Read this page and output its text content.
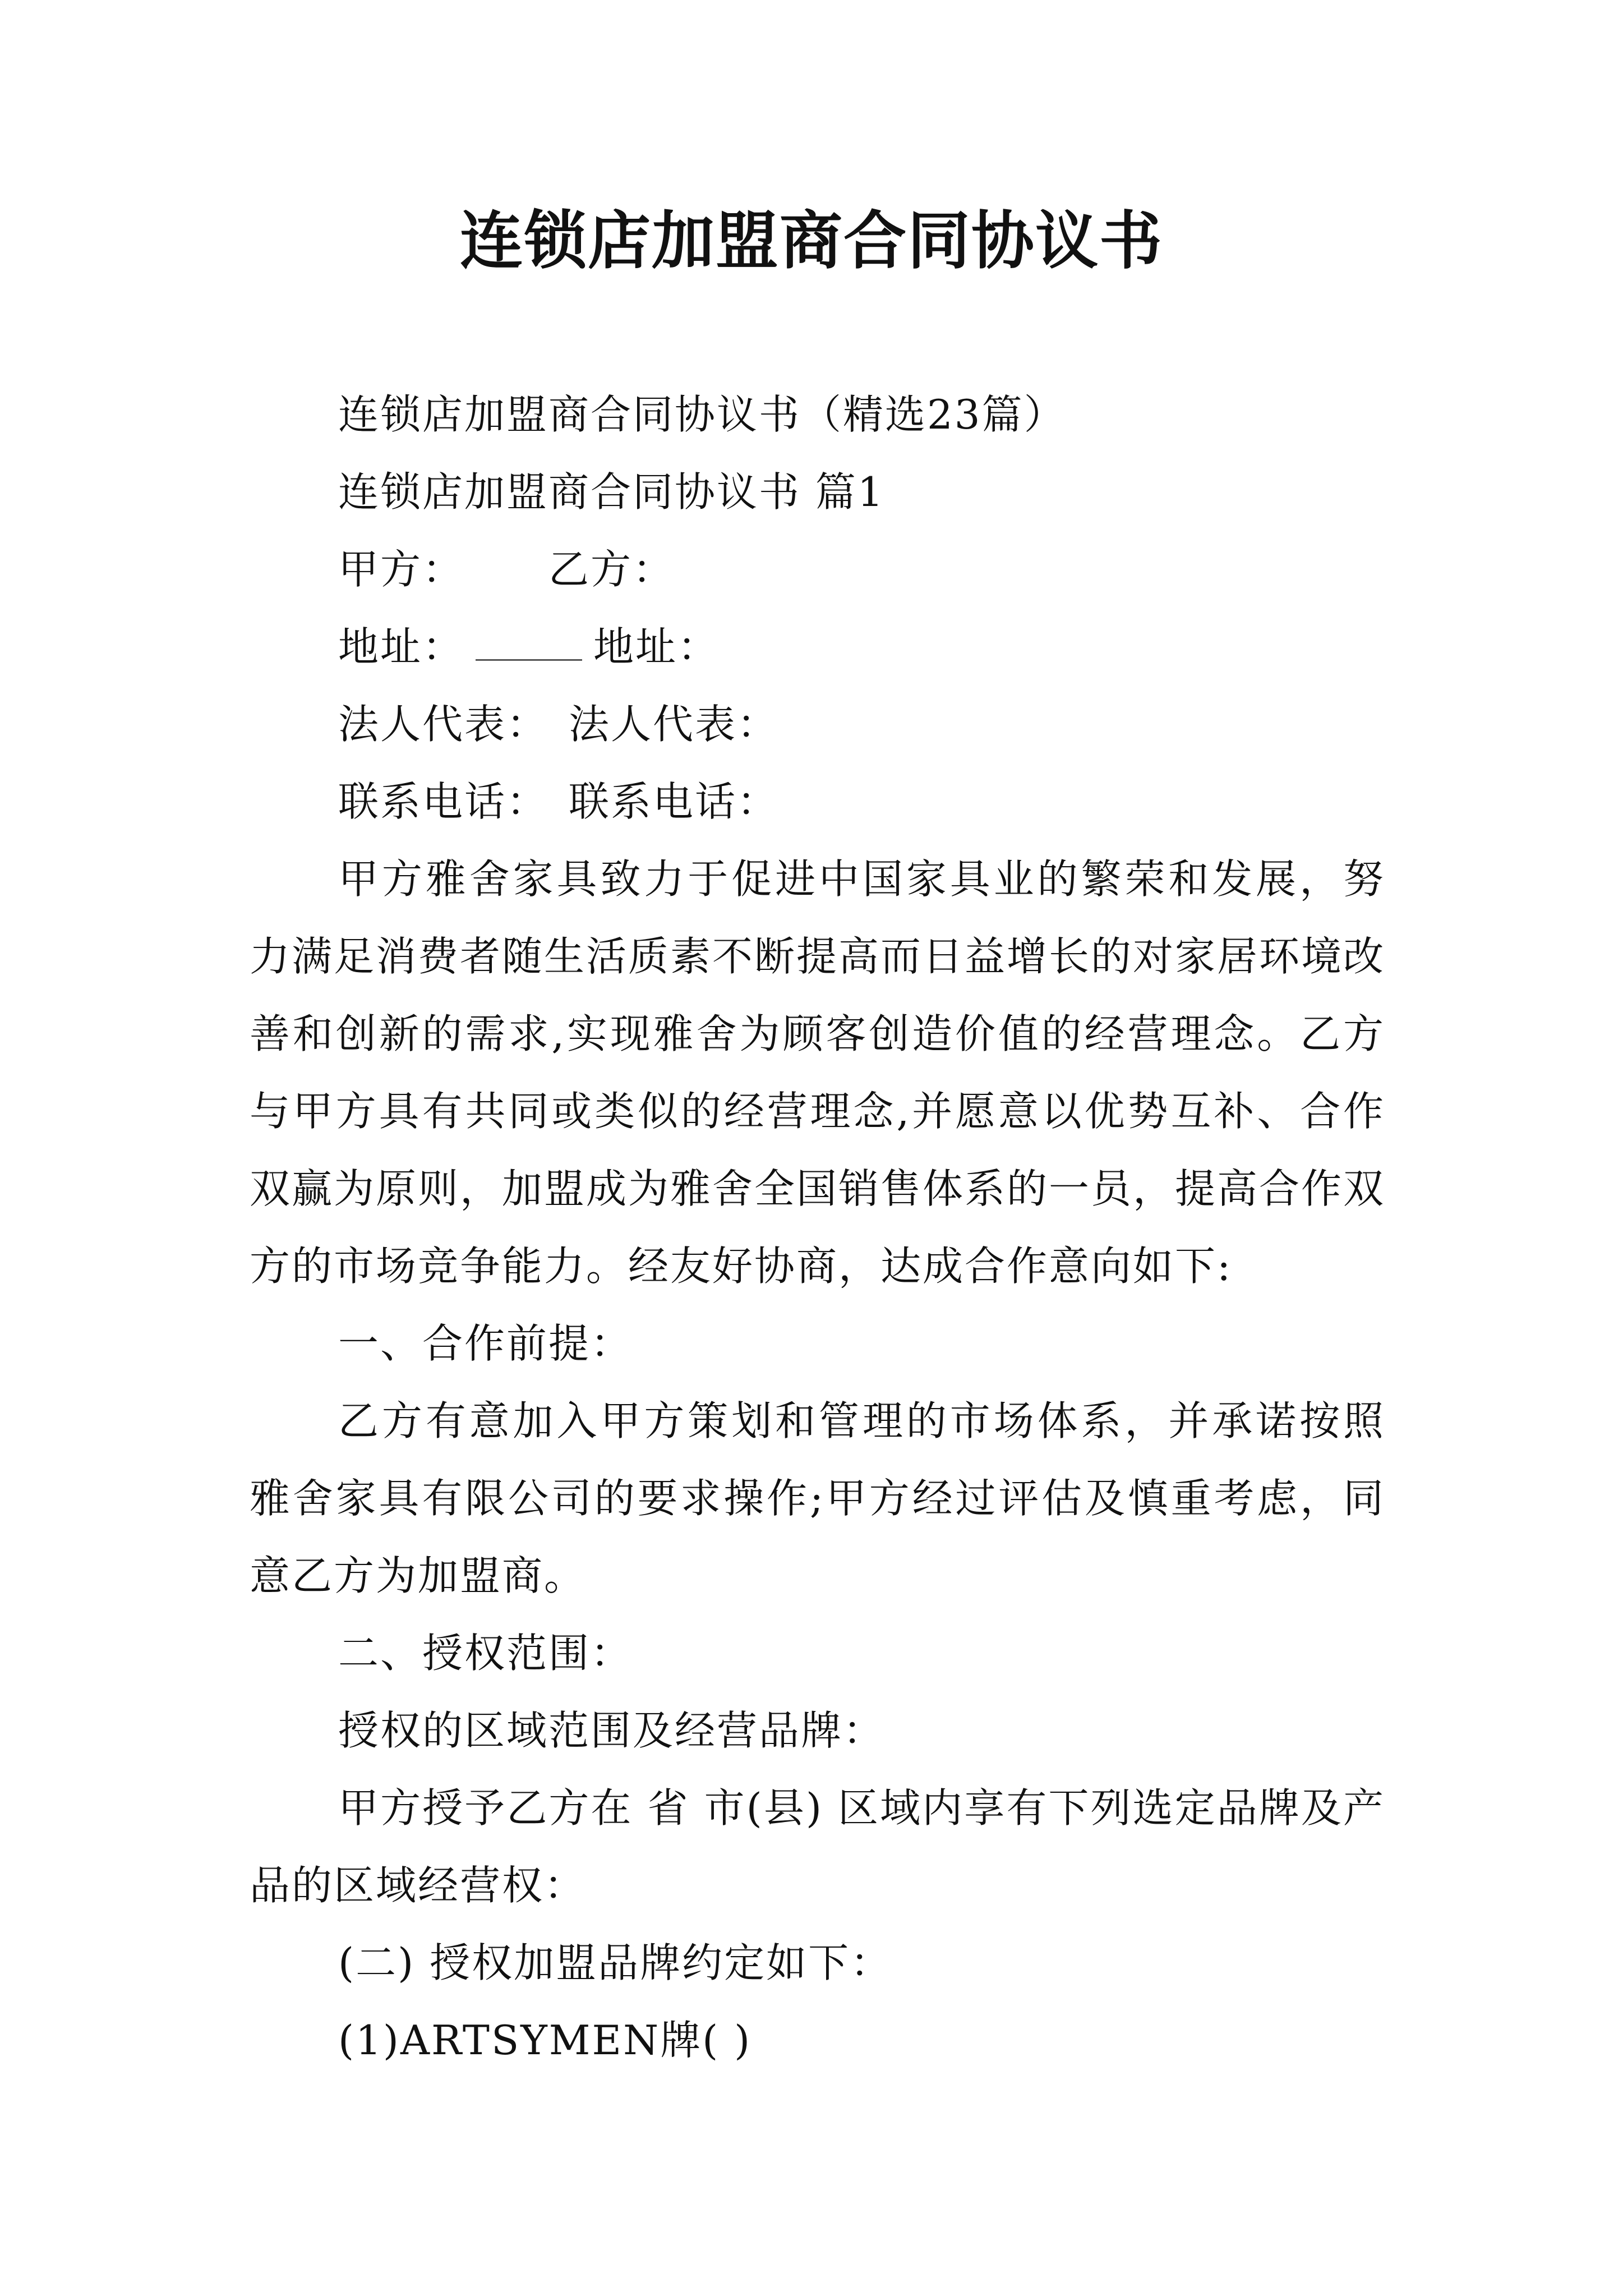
连锁店加盟商合同协议书

连锁店加盟商合同协议书（精选23篇）

连锁店加盟商合同协议书 篇1

甲方： 乙方：

地址：	地址：

法人代表： 法人代表：

联系电话： 联系电话：

甲方雅舍家具致力于促进中国家具业的繁荣和发展，努力满足消费者随生活质素不断提高而日益增长的对家居环境改善和创新的需求,实现雅舍为顾客创造价值的经营理念。乙方与甲方具有共同或类似的经营理念,并愿意以优势互补、合作双赢为原则，加盟成为雅舍全国销售体系的一员，提高合作双方的市场竞争能力。经友好协商，达成合作意向如下:

一、合作前提：

乙方有意加入甲方策划和管理的市场体系，并承诺按照雅舍家具有限公司的要求操作;甲方经过评估及慎重考虑，同意乙方为加盟商。

二、授权范围：

授权的区域范围及经营品牌：

甲方授予乙方在 省 市(县) 区域内享有下列选定品牌及产品的区域经营权：

(二) 授权加盟品牌约定如下：

(1)ARTSYMEN牌( )
